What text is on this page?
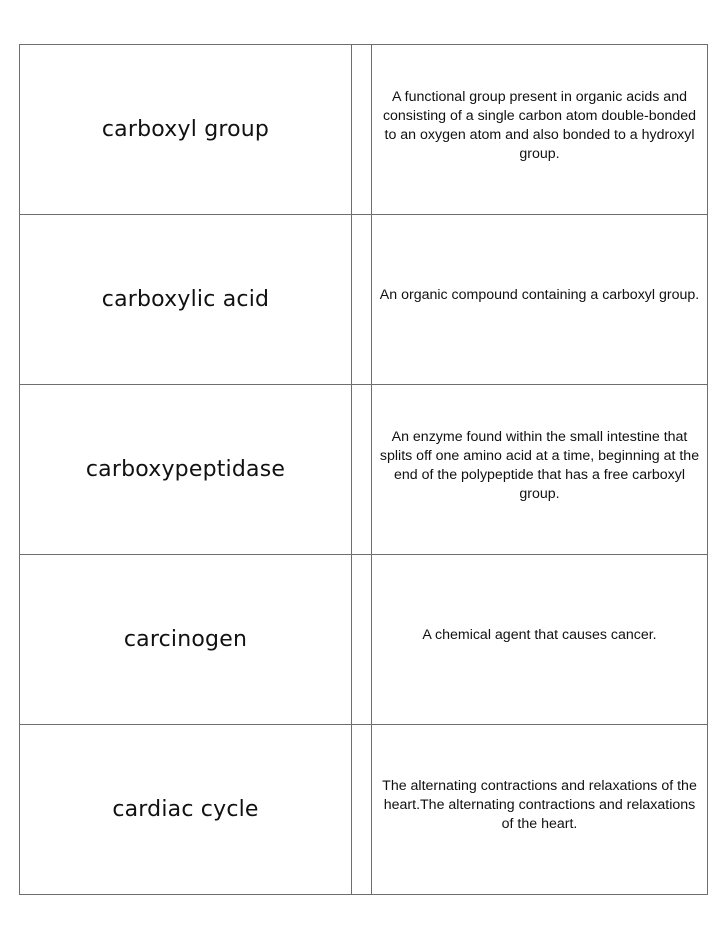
carboxyl group
A functional group present in organic acids and consisting of a single carbon atom double-bonded to an oxygen atom and also bonded to a hydroxyl group.
carboxylic acid	An organic compound containing a carboxyl group.
carboxypeptidase
An enzyme found within the small intestine that splits off one amino acid at a time, beginning at the end of the polypeptide that has a free carboxyl group.
carcinogen	A chemical agent that causes cancer.
cardiac cycle
The alternating contractions and relaxations of the heart.The alternating contractions and relaxations of the heart.
